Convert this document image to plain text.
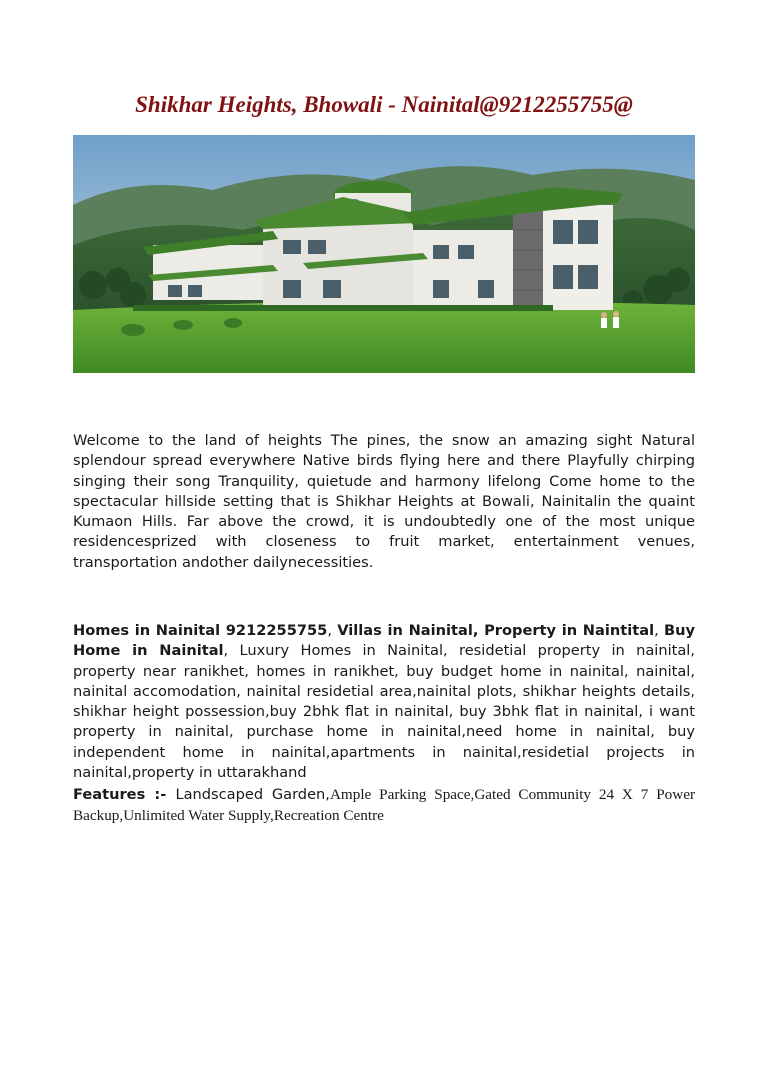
Shikhar Heights, Bhowali - Nainital@9212255755@

Welcome to the land of heights The pines, the snow an amazing sight Natural splendour spread everywhere Native birds flying here and there Playfully chirping singing their song Tranquility, quietude and harmony lifelong Come home to the spectacular hillside setting that is Shikhar Heights at Bowali, Nainitalin the quaint Kumaon Hills. Far above the crowd, it is undoubtedly one of the most unique residencesprized with closeness to fruit market, entertainment venues, transportation andother dailynecessities.

Homes in Nainital 9212255755, Villas in Nainital, Property in Naintital, Buy Home in Nainital, Luxury Homes in Nainital, residetial property in nainital, property near ranikhet, homes in ranikhet, buy budget home in nainital, nainital, nainital accomodation, nainital residetial area,nainital plots, shikhar heights details, shikhar height possession,buy 2bhk flat in nainital, buy 3bhk flat in nainital, i want property in nainital, purchase home in nainital,need home in nainital, buy independent home in nainital,apartments in nainital,residetial projects in nainital,property in uttarakhand

Features :- Landscaped Garden,Ample Parking Space,Gated Community 24 X 7 Power Backup,Unlimited Water Supply,Recreation Centre
